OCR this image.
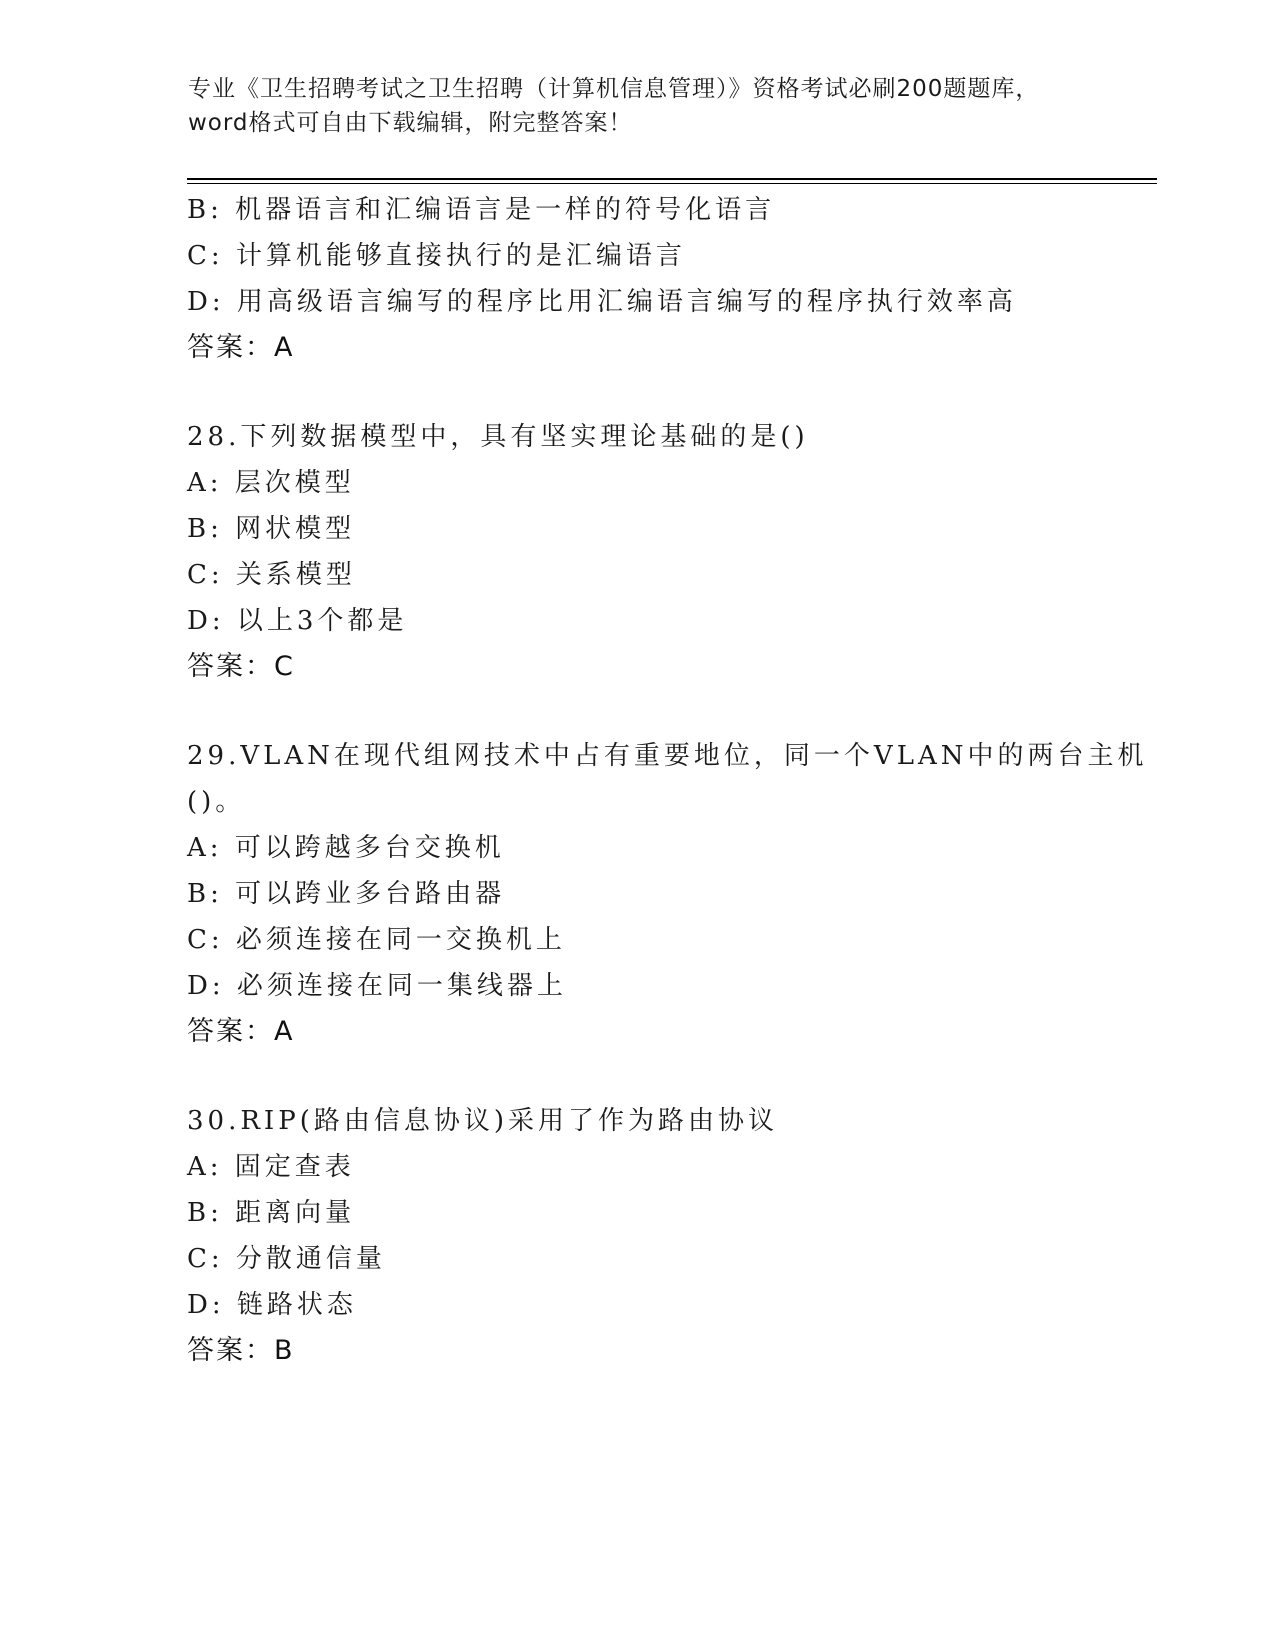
专业《卫生招聘考试之卫生招聘（计算机信息管理）》资格考试必刷200题题库，
word格式可自由下载编辑，附完整答案！
B: 机器语言和汇编语言是一样的符号化语言
C: 计算机能够直接执行的是汇编语言
D: 用高级语言编写的程序比用汇编语言编写的程序执行效率高
答案：A
28.下列数据模型中，具有坚实理论基础的是()
A: 层次模型
B: 网状模型
C: 关系模型
D: 以上3个都是
答案：C
29.VLAN在现代组网技术中占有重要地位，同一个VLAN中的两台主机
()。
A: 可以跨越多台交换机
B: 可以跨业多台路由器
C: 必须连接在同一交换机上
D: 必须连接在同一集线器上
答案：A
30.RIP(路由信息协议)采用了作为路由协议
A: 固定查表
B: 距离向量
C: 分散通信量
D: 链路状态
答案：B
